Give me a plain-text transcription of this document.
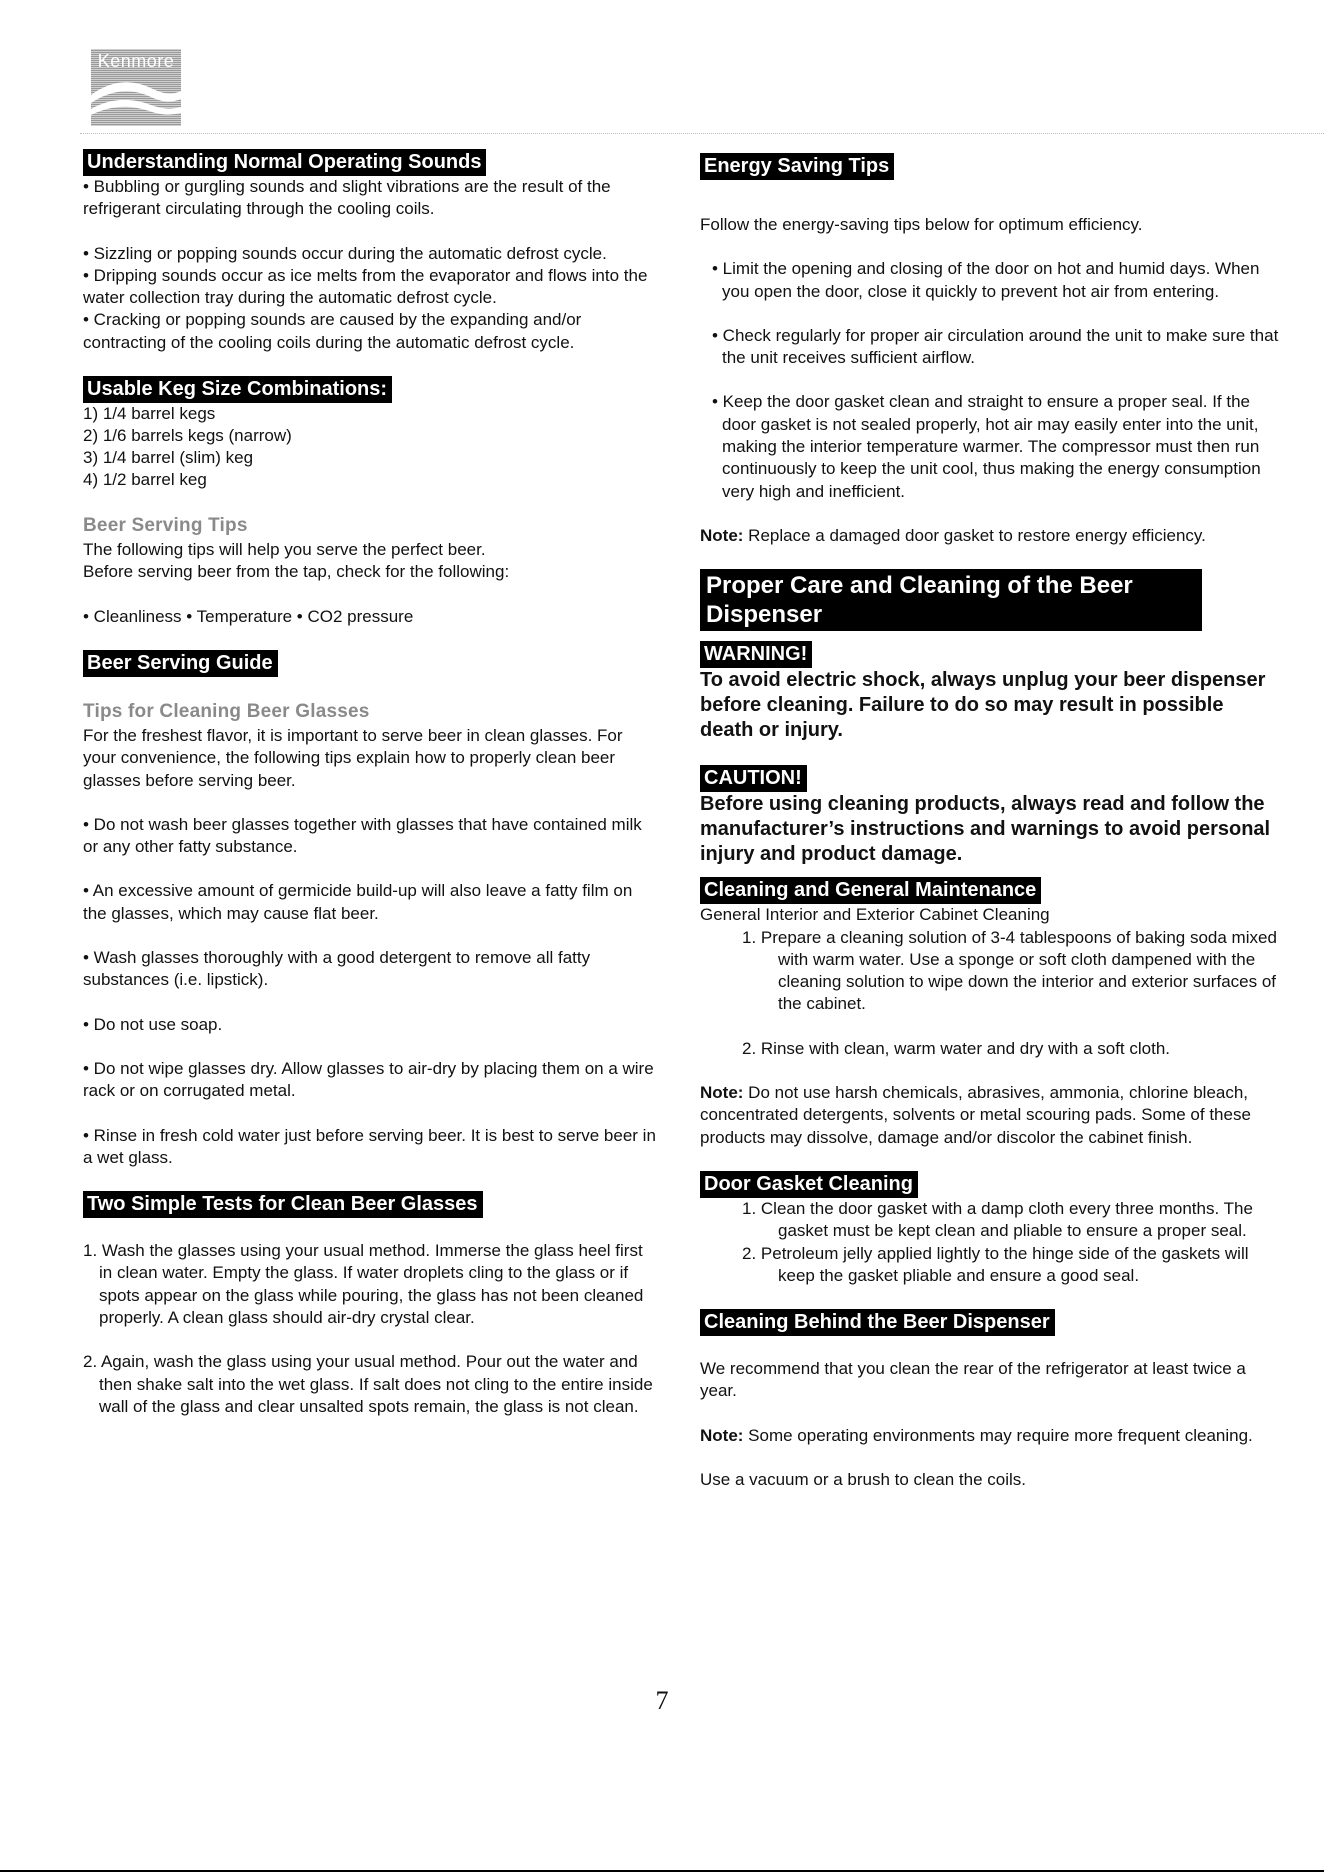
Kenmore
Understanding Normal Operating Sounds

• Bubbling or gurgling sounds and slight vibrations are the result of the refrigerant circulating through the cooling coils.

• Sizzling or popping sounds occur during the automatic defrost cycle.

• Dripping sounds occur as ice melts from the evaporator and flows into the water collection tray during the automatic defrost cycle.

• Cracking or popping sounds are caused by the expanding and/or contracting of the cooling coils during the automatic defrost cycle.

Usable Keg Size Combinations:
1) 1/4 barrel kegs
2) 1/6 barrels kegs (narrow)
3) 1/4 barrel (slim) keg
4) 1/2 barrel keg
Beer Serving Tips

The following tips will help you serve the perfect beer.

Before serving beer from the tap, check for the following:

• Cleanliness • Temperature • CO2 pressure

Beer Serving Guide
Tips for Cleaning Beer Glasses

For the freshest flavor, it is important to serve beer in clean glasses. For your convenience, the following tips explain how to properly clean beer glasses before serving beer.

• Do not wash beer glasses together with glasses that have contained milk or any other fatty substance.

• An excessive amount of germicide build-up will also leave a fatty film on the glasses, which may cause flat beer.

• Wash glasses thoroughly with a good detergent to remove all fatty substances (i.e. lipstick).

• Do not use soap.

• Do not wipe glasses dry. Allow glasses to air-dry by placing them on a wire rack or on corrugated metal.

• Rinse in fresh cold water just before serving beer. It is best to serve beer in a wet glass.

Two Simple Tests for Clean Beer Glasses

1. Wash the glasses using your usual method. Immerse the glass heel first in clean water. Empty the glass. If water droplets cling to the glass or if spots appear on the glass while pouring, the glass has not been cleaned properly. A clean glass should air-dry crystal clear.

2. Again, wash the glass using your usual method. Pour out the water and then shake salt into the wet glass. If salt does not cling to the entire inside wall of the glass and clear unsalted spots remain, the glass is not clean.

Energy Saving Tips

Follow the energy-saving tips below for optimum efficiency.

• Limit the opening and closing of the door on hot and humid days. When you open the door, close it quickly to prevent hot air from entering.

• Check regularly for proper air circulation around the unit to make sure that the unit receives sufficient airflow.

• Keep the door gasket clean and straight to ensure a proper seal. If the door gasket is not sealed properly, hot air may easily enter into the unit, making the interior temperature warmer. The compressor must then run continuously to keep the unit cool, thus making the energy consumption very high and inefficient.

Note: Replace a damaged door gasket to restore energy efficiency.

Proper Care and Cleaning of the Beer Dispenser
WARNING!

To avoid electric shock, always unplug your beer dispenser before cleaning. Failure to do so may result in possible death or injury.

CAUTION!

Before using cleaning products, always read and follow the manufacturer’s instructions and warnings to avoid personal injury and product damage.

Cleaning and General Maintenance

General Interior and Exterior Cabinet Cleaning

1. Prepare a cleaning solution of 3-4 tablespoons of baking soda mixed with warm water. Use a sponge or soft cloth dampened with the cleaning solution to wipe down the interior and exterior surfaces of the cabinet.

2. Rinse with clean, warm water and dry with a soft cloth.

Note: Do not use harsh chemicals, abrasives, ammonia, chlorine bleach, concentrated detergents, solvents or metal scouring pads. Some of these products may dissolve, damage and/or discolor the cabinet finish.

Door Gasket Cleaning

1. Clean the door gasket with a damp cloth every three months. The gasket must be kept clean and pliable to ensure a proper seal.

2. Petroleum jelly applied lightly to the hinge side of the gaskets will keep the gasket pliable and ensure a good seal.

Cleaning Behind the Beer Dispenser

We recommend that you clean the rear of the refrigerator at least twice a year.

Note: Some operating environments may require more frequent cleaning.

Use a vacuum or a brush to clean the coils.

7
